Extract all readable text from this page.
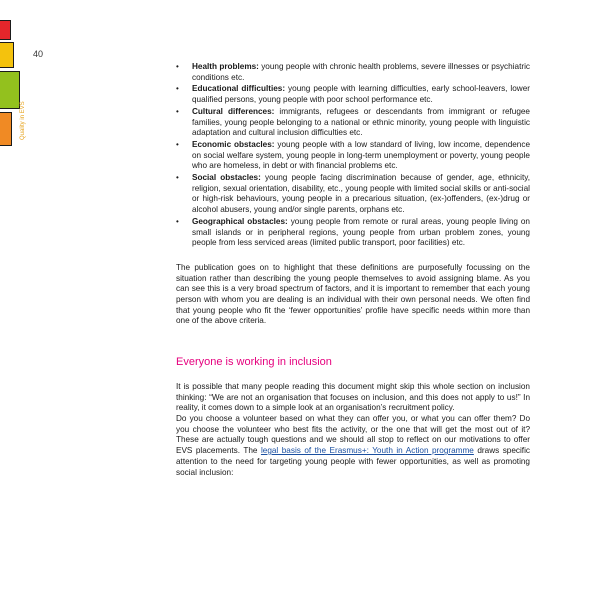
40
Quality in EVS
• Health problems: young people with chronic health problems, severe illnesses or psychiatric conditions etc.
• Educational difficulties: young people with learning difficulties, early school-leavers, lower qualified persons, young people with poor school performance etc.
• Cultural differences: immigrants, refugees or descendants from immigrant or refugee families, young people belonging to a national or ethnic minority, young people with linguistic adaptation and cultural inclusion difficulties etc.
• Economic obstacles: young people with a low standard of living, low income, dependence on social welfare system, young people in long-term unemployment or poverty, young people who are homeless, in debt or with financial problems etc.
• Social obstacles: young people facing discrimination because of gender, age, ethnicity, religion, sexual orientation, disability, etc., young people with limited social skills or anti-social or high-risk behaviours, young people in a precarious situation, (ex-)offenders, (ex-)drug or alcohol abusers, young and/or single parents, orphans etc.
• Geographical obstacles: young people from remote or rural areas, young people living on small islands or in peripheral regions, young people from urban problem zones, young people from less serviced areas (limited public transport, poor facilities) etc.

The publication goes on to highlight that these definitions are purposefully focussing on the situation rather than describing the young people themselves to avoid assigning blame. As you can see this is a very broad spectrum of factors, and it is important to remember that each young person with whom you are dealing is an individual with their own personal needs. We often find that young people who fit the ‘fewer opportunities’ profile have specific needs within more than one of the above criteria.

Everyone is working in inclusion

It is possible that many people reading this document might skip this whole section on inclusion thinking: “We are not an organisation that focuses on inclusion, and this does not apply to us!” In reality, it comes down to a simple look at an organisation’s recruitment policy.

Do you choose a volunteer based on what they can offer you, or what you can offer them? Do you choose the volunteer who best fits the activity, or the one that will get the most out of it? These are actually tough questions and we should all stop to reflect on our motivations to offer EVS placements. The legal basis of the Erasmus+: Youth in Action programme draws specific attention to the need for targeting young people with fewer opportunities, as well as promoting social inclusion:
